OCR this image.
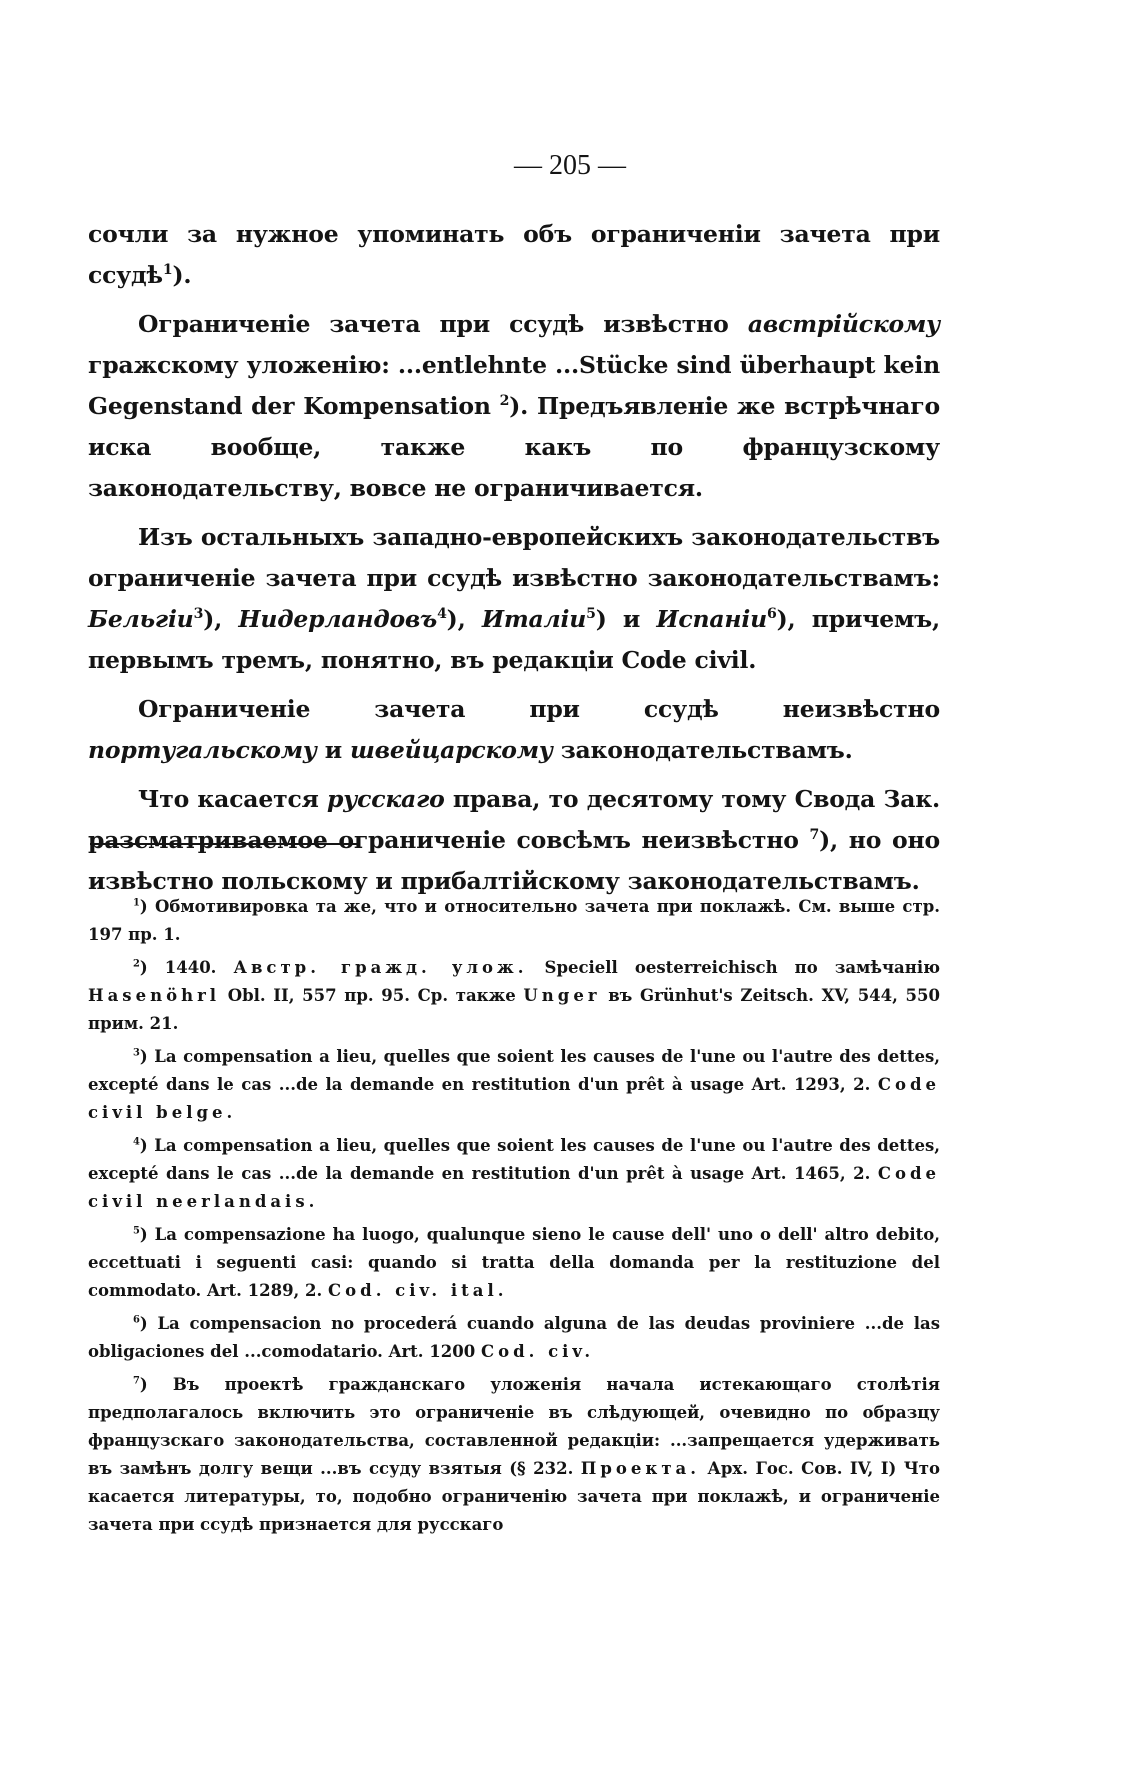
— 205 —

сочли за нужное упоминать объ ограниченіи зачета при ссудѣ$^1$).

Ограниченіе зачета при ссудѣ извѣстно австрійскому гражскому уложенію: ...entlehnte ...Stücke sind überhaupt kein Gegenstand der Kompensation $^2$). Предъявленіе же встрѣчнаго иска вообще, также какъ по французскому законодательству, вовсе не ограничивается.

Изъ остальныхъ западно-европейскихъ законодательствъ ограниченіе зачета при ссудѣ извѣстно законодательствамъ: Бельгіи$^3$), Нидерландовъ$^4$), Италіи$^5$) и Испаніи$^6$), причемъ, первымъ тремъ, понятно, въ редакціи Code civil.

Ограниченіе зачета при ссудѣ неизвѣстно португальскому и швейцарскому законодательствамъ.

Что касается русскаго права, то десятому тому Свода Зак. разсматриваемое ограниченіе совсѣмъ неизвѣстно $^7$), но оно извѣстно польскому и прибалтійскому законодательствамъ.

$^1$) Обмотивировка та же, что и относительно зачета при поклажѣ. См. выше стр. 197 пр. 1.

$^2$) 1440. Австр. гражд. улож. Speciell oesterreichisch по замѣчанію Hasenöhrl Obl. II, 557 пр. 95. Ср. также Unger въ Grünhut's Zeitsch. XV, 544, 550 прим. 21.

$^3$) La compensation a lieu, quelles que soient les causes de l'une ou l'autre des dettes, excepté dans le cas ...de la demande en restitution d'un prêt à usage Art. 1293, 2. Code civil belge.

$^4$) La compensation a lieu, quelles que soient les causes de l'une ou l'autre des dettes, excepté dans le cas ...de la demande en restitution d'un prêt à usage Art. 1465, 2. Code civil neerlandais.

$^5$) La compensazione ha luogo, qualunque sieno le cause dell' uno o dell' altro debito, eccettuati i seguenti casi: quando si tratta della domanda per la restituzione del commodato. Art. 1289, 2. Cod. civ. ital.

$^6$) La compensacion no procederá cuando alguna de las deudas proviniere ...de las obligaciones del ...comodatario. Art. 1200 Cod. civ.

$^7$) Въ проектѣ гражданскаго уложенія начала истекающаго столѣтія предполагалось включить это ограниченіе въ слѣдующей, очевидно по образцу французскаго законодательства, составленной редакціи: ...запрещается удерживать въ замѣнъ долгу вещи ...въ ссуду взятыя (§ 232. Проекта. Арх. Гос. Сов. IV, I) Что касается литературы, то, подобно ограниченію зачета при поклажѣ, и ограниченіе зачета при ссудѣ признается для русскаго
